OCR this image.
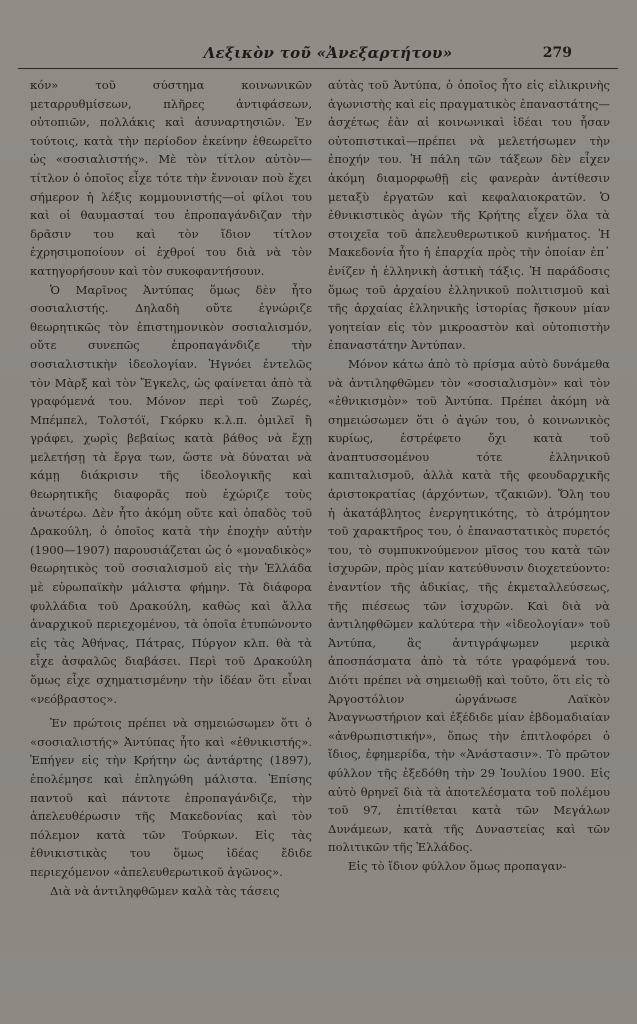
Λεξικὸν τοῦ «Ἀνεξαρτήτου»	279

κόν» τοῦ σύστημα κοινωνικῶν μεταρρυθμίσεων, πλῆρες ἀντιφάσεων, οὐτοπιῶν, πολλάκις καὶ ἀσυναρτησιῶν. Ἐν τούτοις, κατὰ τὴν περίοδον ἐκείνην ἐθεωρεῖτο ὡς «σοσιαλιστής». Μὲ τὸν τίτλον αὐτὸν—τίτλον ὁ ὁποῖος εἶχε τότε τὴν ἔννοιαν ποὺ ἔχει σήμερον ἡ λέξις κομμουνιστής—οἱ φίλοι του καὶ οἱ θαυμασταί του ἐπροπαγάνδιζαν τὴν δρᾶσιν του καὶ τὸν ἴδιον τίτλον ἐχρησιμοποίουν οἱ ἐχθροί του διὰ νὰ τὸν κατηγορήσουν καὶ τὸν συκοφαντήσουν.

Ὁ Μαρῖνος Ἀντύπας ὅμως δὲν ἦτο σοσιαλιστής. Δηλαδὴ οὔτε ἐγνώριζε θεωρητικῶς τὸν ἐπιστημονικὸν σοσιαλισμόν, οὔτε συνεπῶς ἐπροπαγάνδιζε τὴν σοσιαλιστικὴν ἰδεολογίαν. Ἠγνόει ἐντελῶς τὸν Μὰρξ καὶ τὸν Ἔγκελς, ὡς φαίνεται ἀπὸ τὰ γραφόμενά του. Μόνον περὶ τοῦ Ζωρές, Μπέμπελ, Τολστόϊ, Γκόρκυ κ.λ.π. ὁμιλεῖ ἢ γράφει, χωρὶς βεβαίως κατὰ βάθος νὰ ἔχῃ μελετήσῃ τὰ ἔργα των, ὥστε νὰ δύναται νὰ κάμῃ διάκρισιν τῆς ἰδεολογικῆς καὶ θεωρητικῆς διαφορᾶς ποὺ ἐχώριζε τοὺς ἀνωτέρω. Δὲν ἦτο ἀκόμη οὔτε καὶ ὀπαδὸς τοῦ Δρακούλη, ὁ ὁποῖος κατὰ τὴν ἐποχὴν αὐτὴν (1900—1907) παρουσιάζεται ὡς ὁ «μοναδικὸς» θεωρητικὸς τοῦ σοσιαλισμοῦ εἰς τὴν Ἑλλάδα μὲ εὐρωπαϊκὴν μάλιστα φήμην. Τὰ διάφορα φυλλάδια τοῦ Δρακούλη, καθὼς καὶ ἄλλα ἀναρχικοῦ περιεχομένου, τὰ ὁποῖα ἐτυπώνοντο εἰς τὰς Ἀθήνας, Πάτρας, Πύργον κλπ. θὰ τὰ εἶχε ἀσφαλῶς διαβάσει. Περὶ τοῦ Δρακούλη ὅμως εἶχε σχηματισμένην τὴν ἰδέαν ὅτι εἶναι «νεόβραστος».

Ἐν πρώτοις πρέπει νὰ σημειώσωμεν ὅτι ὁ «σοσιαλιστής» Ἀντύπας ἦτο καὶ «ἐθνικιστής». Ἐπήγεν εἰς τὴν Κρήτην ὡς ἀντάρτης (1897), ἐπολέμησε καὶ ἐπληγώθη μάλιστα. Ἐπίσης παντοῦ καὶ πάντοτε ἐπροπαγάνδιζε, τὴν ἀπελευθέρωσιν τῆς Μακεδονίας καὶ τὸν πόλεμον κατὰ τῶν Τούρκων. Εἰς τὰς ἐθνικιστικὰς του ὅμως ἰδέας ἔδιδε περιεχόμενον «ἀπελευθερωτικοῦ ἀγῶνος».

Διὰ νὰ ἀντιληφθῶμεν καλὰ τὰς τάσεις

αὐτὰς τοῦ Ἀντύπα, ὁ ὁποῖος ἦτο εἰς εἰλικρινὴς ἀγωνιστὴς καὶ εἰς πραγματικὸς ἐπαναστάτης—ἀσχέτως ἐὰν αἱ κοινωνικαὶ ἰδέαι του ἦσαν οὐτοπιστικαὶ—πρέπει νὰ μελετήσωμεν τὴν ἐποχήν του. Ἡ πάλη τῶν τάξεων δὲν εἶχεν ἀκόμη διαμορφωθῇ εἰς φανερὰν ἀντίθεσιν μεταξὺ ἐργατῶν καὶ κεφαλαιοκρατῶν. Ὁ ἐθνικιστικὸς ἀγὼν τῆς Κρήτης εἶχεν ὅλα τὰ στοιχεῖα τοῦ ἀπελευθερωτικοῦ κινήματος. Ἡ Μακεδονία ἦτο ἡ ἐπαρχία πρὸς τὴν ὁποίαν ἐπ᾿ ἐνίζεν ἡ ἑλληνικὴ ἀστικὴ τάξις. Ἡ παράδοσις ὅμως τοῦ ἀρχαίου ἑλληνικοῦ πολιτισμοῦ καὶ τῆς ἀρχαίας ἑλληνικῆς ἱστορίας ἤσκουν μίαν γοητείαν εἰς τὸν μικροαστὸν καὶ οὐτοπιστὴν ἐπαναστάτην Ἀντύπαν.

Μόνον κάτω ἀπὸ τὸ πρίσμα αὐτὸ δυνάμεθα νὰ ἀντιληφθῶμεν τὸν «σοσιαλισμὸν» καὶ τὸν «ἐθνικισμὸν» τοῦ Ἀντύπα. Πρέπει ἀκόμη νὰ σημειώσωμεν ὅτι ὁ ἀγών του, ὁ κοινωνικὸς κυρίως, ἐστρέφετο ὄχι κατὰ τοῦ ἀναπτυσσομένου τότε ἑλληνικοῦ καπιταλισμοῦ, ἀλλὰ κατὰ τῆς φεουδαρχικῆς ἀριστοκρατίας (ἀρχόντων, τζακιῶν). Ὅλη του ἡ ἀκατάβλητος ἐνεργητικότης, τὸ ἀτρόμητον τοῦ χαρακτῆρος του, ὁ ἐπαναστατικὸς πυρετός του, τὸ συμπυκνούμενον μῖσος του κατὰ τῶν ἰσχυρῶν, πρὸς μίαν κατεύθυνσιν διοχετεύοντο: ἐναντίον τῆς ἀδικίας, τῆς ἐκμεταλλεύσεως, τῆς πιέσεως τῶν ἰσχυρῶν. Καὶ διὰ νὰ ἀντιληφθῶμεν καλύτερα τὴν «ἰδεολογίαν» τοῦ Ἀντύπα, ἂς ἀντιγράψωμεν μερικὰ ἀποσπάσματα ἀπὸ τὰ τότε γραφόμενά του. Διότι πρέπει νὰ σημειωθῇ καὶ τοῦτο, ὅτι εἰς τὸ Ἀργοστόλιον ὠργάνωσε Λαϊκὸν Ἀναγνωστήριον καὶ ἐξέδιδε μίαν ἑβδομαδιαίαν «ἀνθρωπιστικήν», ὅπως τὴν ἐπιτλοφόρει ὁ ἴδιος, ἐφημερίδα, τὴν «Ἀνάστασιν». Τὸ πρῶτον φύλλον τῆς ἐξεδόθη τὴν 29 Ἰουλίου 1900. Εἰς αὐτὸ θρηνεῖ διὰ τὰ ἀποτελέσματα τοῦ πολέμου τοῦ 97, ἐπιτίθεται κατὰ τῶν Μεγάλων Δυνάμεων, κατὰ τῆς Δυναστείας καὶ τῶν πολιτικῶν τῆς Ἑλλάδος.

Εἰς τὸ ἴδιον φύλλον ὅμως προπαγαν-
